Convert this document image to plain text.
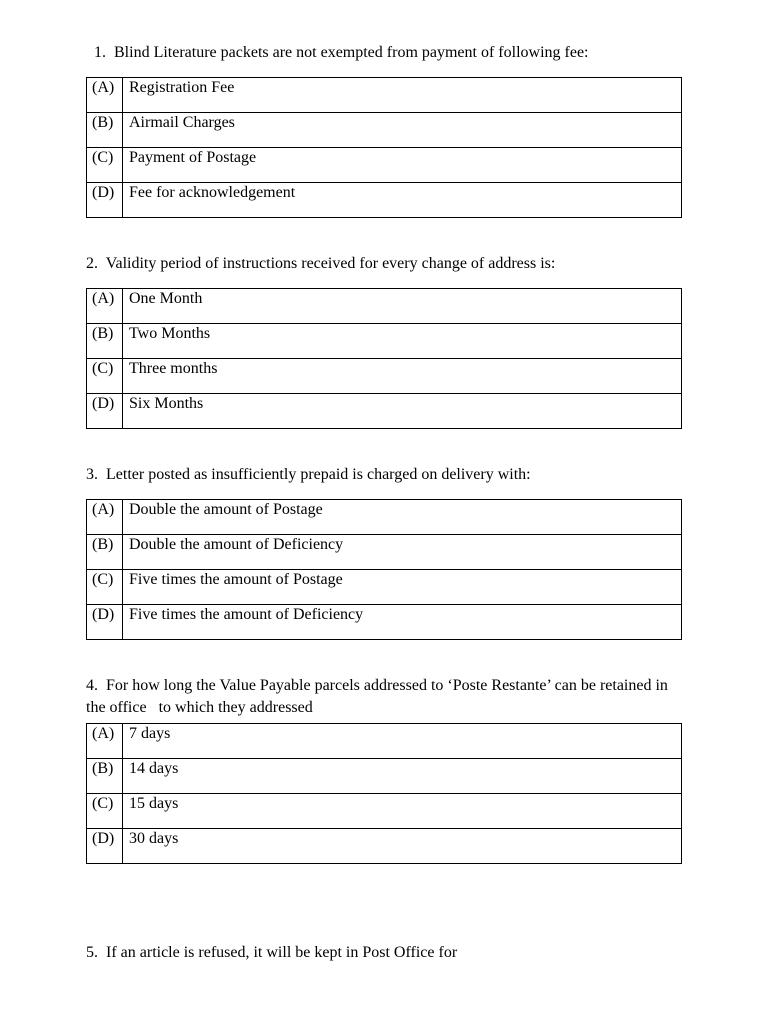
1.  Blind Literature packets are not exempted from payment of following fee:

(A)	Registration Fee
(B)	Airmail Charges
(C)	Payment of Postage
(D)	Fee for acknowledgement

2.  Validity period of instructions received for every change of address is:

(A)	One Month
(B)	Two Months
(C)	Three months
(D)	Six Months

3.  Letter posted as insufficiently prepaid is charged on delivery with:

(A)	Double the amount of Postage
(B)	Double the amount of Deficiency
(C)	Five times the amount of Postage
(D)	Five times the amount of Deficiency

4.  For how long the Value Payable parcels addressed to ‘Poste Restante’ can be retained in the office   to which they addressed

(A)	7 days
(B)	14 days
(C)	15 days
(D)	30 days

5.  If an article is refused, it will be kept in Post Office for
